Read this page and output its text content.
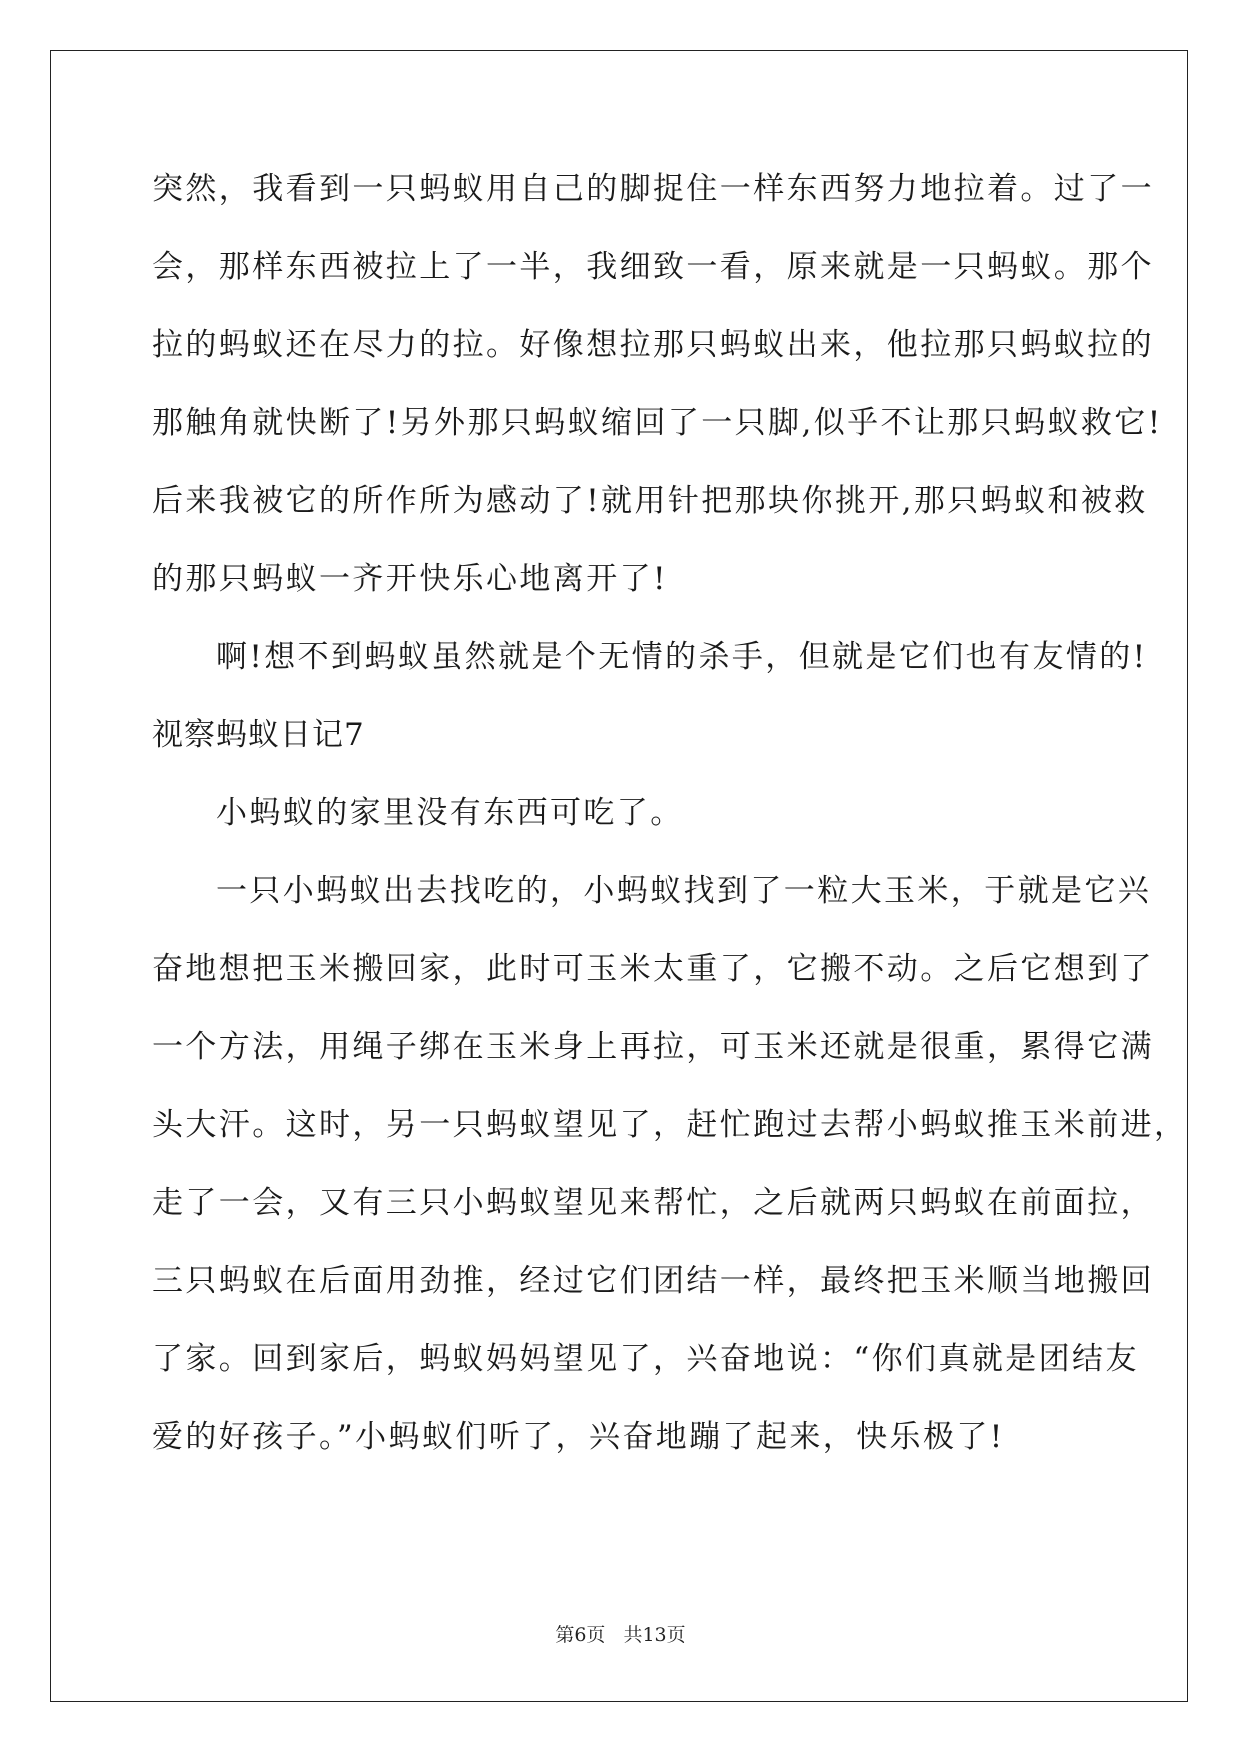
突然，我看到一只蚂蚁用自己的脚捉住一样东西努力地拉着。过了一
会，那样东西被拉上了一半，我细致一看，原来就是一只蚂蚁。那个
拉的蚂蚁还在尽力的拉。好像想拉那只蚂蚁出来，他拉那只蚂蚁拉的
那触角就快断了!另外那只蚂蚁缩回了一只脚,似乎不让那只蚂蚁救它!
后来我被它的所作所为感动了!就用针把那块你挑开,那只蚂蚁和被救
的那只蚂蚁一齐开快乐心地离开了!
啊!想不到蚂蚁虽然就是个无情的杀手，但就是它们也有友情的!
视察蚂蚁日记7
小蚂蚁的家里没有东西可吃了。
一只小蚂蚁出去找吃的，小蚂蚁找到了一粒大玉米，于就是它兴
奋地想把玉米搬回家，此时可玉米太重了，它搬不动。之后它想到了
一个方法，用绳子绑在玉米身上再拉，可玉米还就是很重，累得它满
头大汗。这时，另一只蚂蚁望见了，赶忙跑过去帮小蚂蚁推玉米前进，
走了一会，又有三只小蚂蚁望见来帮忙，之后就两只蚂蚁在前面拉，
三只蚂蚁在后面用劲推，经过它们团结一样，最终把玉米顺当地搬回
了家。回到家后，蚂蚁妈妈望见了，兴奋地说：“你们真就是团结友
爱的好孩子。”小蚂蚁们听了，兴奋地蹦了起来，快乐极了!
第6页 共13页
